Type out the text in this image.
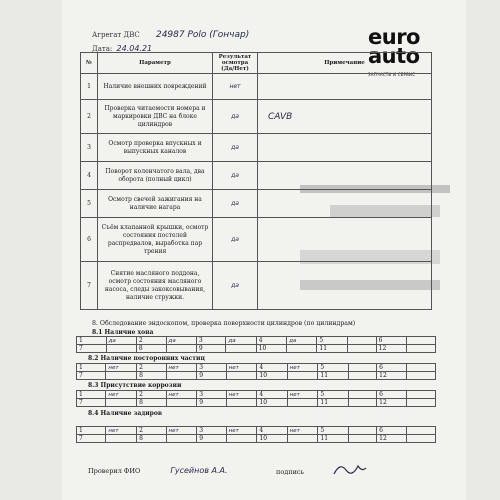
Агрегат ДВС 24987 Polo (Гончар)
Дата: 24.04.21	euro
auto
ЗАПЧАСТИ И СЕРВИС
№	Параметр	Результат осмотра (Да/Нет)	Примечание
1	Наличие внешних повреждений	нет	
2	Проверка читаемости номера и маркировки ДВС на блоке цилиндров	да	CAVB
3	Осмотр проверка впускных и выпускных каналов	да	
4	Поворот коленчатого вала, два оборота (полный цикл)	да	
5	Осмотр свечей зажигания на наличие нагара	да	
6	Съём клапанной крышки, осмотр состояния постелей распредвалов, выработка пар трения	да	
7	Снятие масляного поддона, осмотр состояния масляного насоса, следы закоксовывания, наличие стружки.	да	
8. Обследование эндоскопом, проверка поверхности цилиндров (по цилиндрам)
8.1 Наличие хона
1	да	2	да	3	да	4	да	5		6	
7		8		9		10		11		12	
8.2 Наличие посторонних частиц
1	нет	2	нет	3	нет	4	нет	5		6	
7		8		9		10		11		12	
8.3 Присутствие коррозии
1	нет	2	нет	3	нет	4	нет	5		6	
7		8		9		10		11		12	
8.4 Наличие задиров
1	нет	2	нет	3	нет	4	нет	5		6	
7		8		9		10		11		12	
Проверил ФИО	Гусейнов А.А.	подпись
